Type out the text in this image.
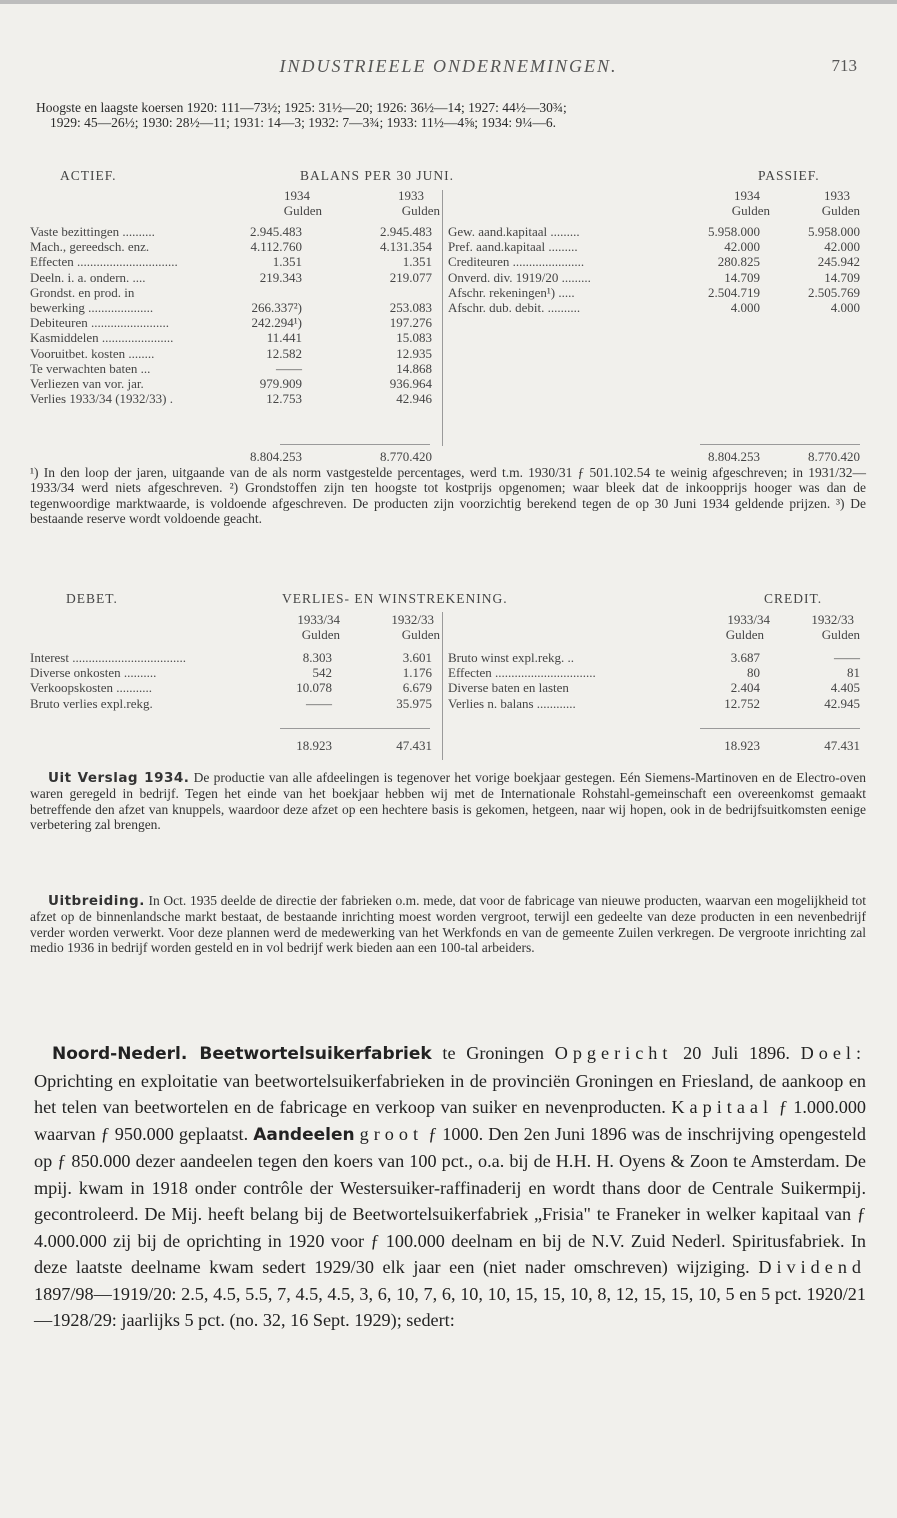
INDUSTRIEELE ONDERNEMINGEN.	713
Hoogste en laagste koersen 1920: 111—73½; 1925: 31½—20; 1926: 36½—14; 1927: 44½—30¾;
1929: 45—26½; 1930: 28½—11; 1931: 14—3; 1932: 7—3¾; 1933: 11½—4⅝; 1934: 9¼—6.
ACTIEF.	BALANS PER 30 JUNI.	PASSIEF.
1934	1933
Gulden	Gulden
1934	1933
Gulden	Gulden
Vaste bezittingen ..........	2.945.483	2.945.483
Mach., gereedsch. enz.	4.112.760	4.131.354
Effecten ...............................	1.351	1.351
Deeln. i. a. ondern. ....	219.343	219.077
Grondst. en prod. in
bewerking ....................	266.337²)	253.083
Debiteuren ........................	242.294¹)	197.276
Kasmiddelen ......................	11.441	15.083
Vooruitbet. kosten ........	12.582	12.935
Te verwachten baten ...	——	14.868
Verliezen van vor. jar.	979.909	936.964
Verlies 1933/34 (1932/33) .	12.753	42.946
Gew. aand.kapitaal .........	5.958.000	5.958.000
Pref. aand.kapitaal .........	42.000	42.000
Crediteuren ......................	280.825	245.942
Onverd. div. 1919/20 .........	14.709	14.709
Afschr. rekeningen¹) .....	2.504.719	2.505.769
Afschr. dub. debit. ..........	4.000	4.000
8.804.253	8.770.420	8.804.253	8.770.420
¹) In den loop der jaren, uitgaande van de als norm vastgestelde percentages, werd t.m. 1930/31 ƒ 501.102.54 te weinig afgeschreven; in 1931/32—1933/34 werd niets afgeschreven. ²) Grondstoffen zijn ten hoogste tot kostprijs opgenomen; waar bleek dat de inkoopprijs hooger was dan de tegenwoordige marktwaarde, is voldoende afgeschreven. De producten zijn voorzichtig berekend tegen de op 30 Juni 1934 geldende prijzen. ³) De bestaande reserve wordt voldoende geacht.
DEBET.	VERLIES- EN WINSTREKENING.	CREDIT.
1933/34	1932/33
Gulden	Gulden
1933/34	1932/33
Gulden	Gulden
Interest ...................................	8.303	3.601
Diverse onkosten ..........	542	1.176
Verkoopskosten ...........	10.078	6.679
Bruto verlies expl.rekg.	——	35.975
Bruto winst expl.rekg. ..	3.687	——
Effecten ...............................	80	81
Diverse baten en lasten	2.404	4.405
Verlies n. balans ............	12.752	42.945
18.923	47.431	18.923	47.431

Uit Verslag 1934. De productie van alle afdeelingen is tegenover het vorige boekjaar gestegen. Eén Siemens-Martinoven en de Electro-oven waren geregeld in bedrijf. Tegen het einde van het boekjaar hebben wij met de Internationale Rohstahl-gemeinschaft een overeenkomst gemaakt betreffende den afzet van knuppels, waardoor deze afzet op een hechtere basis is gekomen, hetgeen, naar wij hopen, ook in de bedrijfsuitkomsten eenige verbetering zal brengen.

Uitbreiding. In Oct. 1935 deelde de directie der fabrieken o.m. mede, dat voor de fabricage van nieuwe producten, waarvan een mogelijkheid tot afzet op de binnenlandsche markt bestaat, de bestaande inrichting moest worden vergroot, terwijl een gedeelte van deze producten in een nevenbedrijf verder worden verwerkt. Voor deze plannen werd de medewerking van het Werkfonds en van de gemeente Zuilen verkregen. De vergroote inrichting zal medio 1936 in bedrijf worden gesteld en in vol bedrijf werk bieden aan een 100-tal arbeiders.

Noord-Nederl. Beetwortelsuikerfabriek te Groningen Opgericht 20 Juli 1896. Doel: Oprichting en exploitatie van beetwortelsuikerfabrieken in de provinciën Groningen en Friesland, de aankoop en het telen van beetwortelen en de fabricage en verkoop van suiker en nevenproducten. Kapitaal ƒ 1.000.000 waarvan ƒ 950.000 geplaatst. Aandeelen groot ƒ 1000. Den 2en Juni 1896 was de inschrijving opengesteld op ƒ 850.000 dezer aandeelen tegen den koers van 100 pct., o.a. bij de H.H. H. Oyens & Zoon te Amsterdam. De mpij. kwam in 1918 onder contrôle der Westersuiker-raffinaderij en wordt thans door de Centrale Suikermpij. gecontroleerd. De Mij. heeft belang bij de Beetwortelsuikerfabriek „Frisia" te Franeker in welker kapitaal van ƒ 4.000.000 zij bij de oprichting in 1920 voor ƒ 100.000 deelnam en bij de N.V. Zuid Nederl. Spiritusfabriek. In deze laatste deelname kwam sedert 1929/30 elk jaar een (niet nader omschreven) wijziging. Dividend 1897/98—1919/20: 2.5, 4.5, 5.5, 7, 4.5, 4.5, 3, 6, 10, 7, 6, 10, 10, 15, 15, 10, 8, 12, 15, 15, 10, 5 en 5 pct. 1920/21—1928/29: jaarlijks 5 pct. (no. 32, 16 Sept. 1929); sedert:
